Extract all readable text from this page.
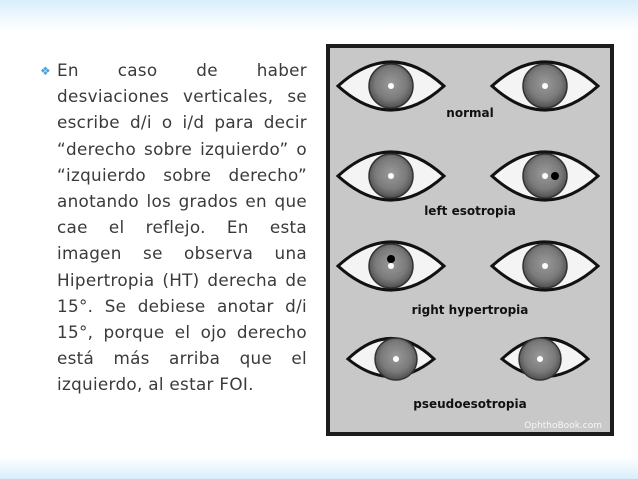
❖ En caso de haber desviaciones verticales, se escribe d/i o i/d para decir “derecho sobre izquierdo” o “izquierdo sobre derecho” anotando los grados en que cae el reflejo. En esta imagen se observa una Hipertropia (HT) derecha de 15°. Se debiese anotar d/i 15°, porque el ojo derecho está más arriba que el izquierdo, al estar FOI.
normal
left esotropia
right hypertropia
pseudoesotropia
OphthoBook.com
